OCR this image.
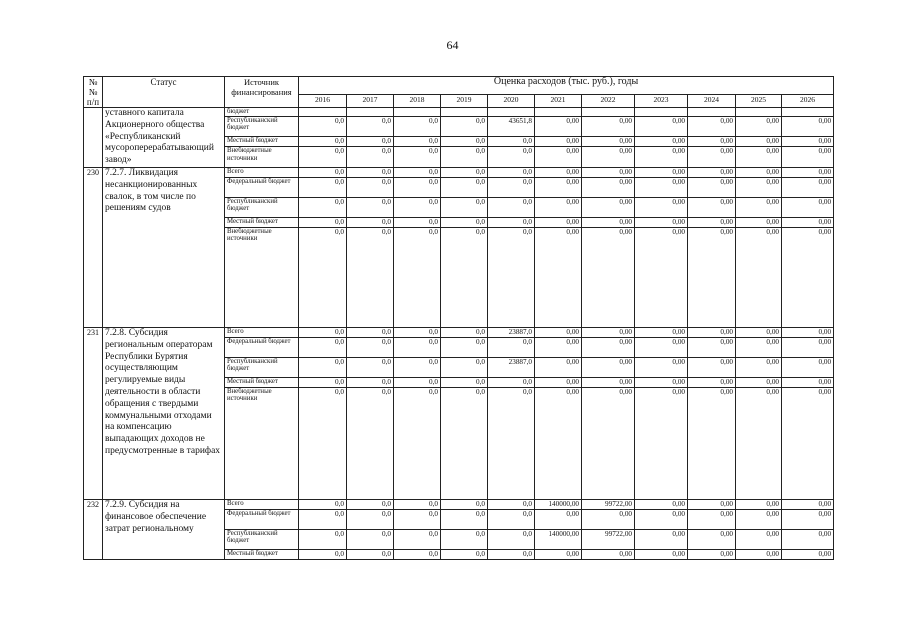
64
№
№
п/п	Статус	Источник финансирования	Оценка расходов (тыс. руб.), годы										
			2016	2017	2018	2019	2020	2021	2022	2023	2024	2025	2026
	уставного капитала Акционерного общества «Республиканский мусороперерабатывающий завод»	бюджет											
		Республиканский бюджет	0,0	0,0	0,0	0,0	43651,8	0,00	0,00	0,00	0,00	0,00	0,00
		Местный бюджет	0,0	0,0	0,0	0,0	0,0	0,00	0,00	0,00	0,00	0,00	0,00
		Внебюджетные источники	0,0	0,0	0,0	0,0	0,0	0,00	0,00	0,00	0,00	0,00	0,00
230	7.2.7. Ликвидация несанкционированных свалок, в том числе по решениям судов	Всего	0,0	0,0	0,0	0,0	0,0	0,00	0,00	0,00	0,00	0,00	0,00
		Федеральный бюджет	0,0	0,0	0,0	0,0	0,0	0,00	0,00	0,00	0,00	0,00	0,00
		Республиканский бюджет	0,0	0,0	0,0	0,0	0,0	0,00	0,00	0,00	0,00	0,00	0,00
		Местный бюджет	0,0	0,0	0,0	0,0	0,0	0,00	0,00	0,00	0,00	0,00	0,00
		Внебюджетные источники	0,0	0,0	0,0	0,0	0,0	0,00	0,00	0,00	0,00	0,00	0,00
231	7.2.8. Субсидия региональным операторам Республики Бурятия осуществляющим регулируемые виды деятельности в области обращения с твердыми коммунальными отходами на компенсацию выпадающих доходов не предусмотренные в тарифах	Всего	0,0	0,0	0,0	0,0	23887,0	0,00	0,00	0,00	0,00	0,00	0,00
		Федеральный бюджет	0,0	0,0	0,0	0,0	0,0	0,00	0,00	0,00	0,00	0,00	0,00
		Республиканский бюджет	0,0	0,0	0,0	0,0	23887,0	0,00	0,00	0,00	0,00	0,00	0,00
		Местный бюджет	0,0	0,0	0,0	0,0	0,0	0,00	0,00	0,00	0,00	0,00	0,00
		Внебюджетные источники	0,0	0,0	0,0	0,0	0,0	0,00	0,00	0,00	0,00	0,00	0,00
232	7.2.9. Субсидия на финансовое обеспечение затрат региональному	Всего	0,0	0,0	0,0	0,0	0,0	140000,00	99722,00	0,00	0,00	0,00	0,00
		Федеральный бюджет	0,0	0,0	0,0	0,0	0,0	0,00	0,00	0,00	0,00	0,00	0,00
		Республиканский бюджет	0,0	0,0	0,0	0,0	0,0	140000,00	99722,00	0,00	0,00	0,00	0,00
		Местный бюджет	0,0	0,0	0,0	0,0	0,0	0,00	0,00	0,00	0,00	0,00	0,00
